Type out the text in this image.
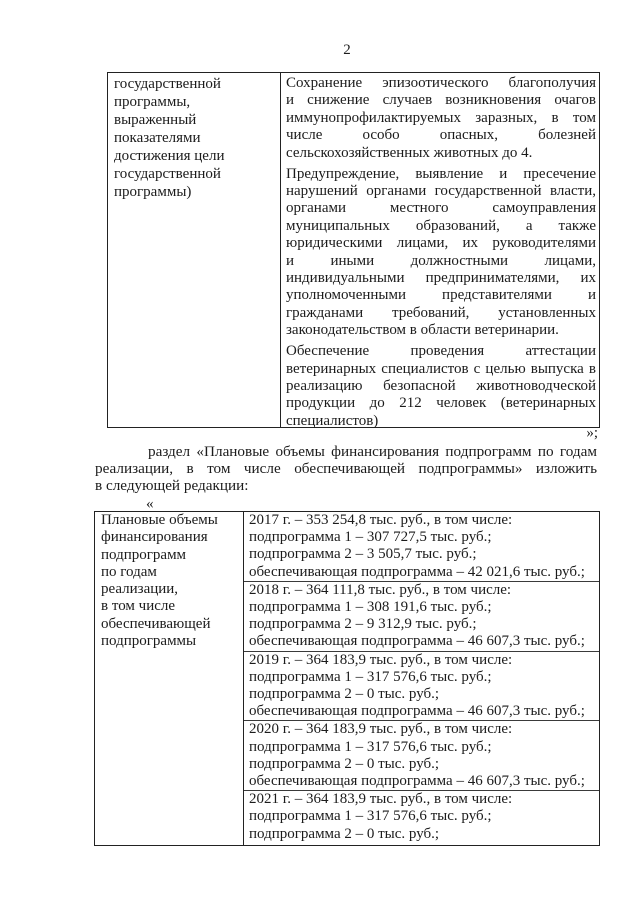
2
государственной
программы,
выраженный
показателями
достижения цели
государственной
программы)
Сохранение эпизоотического благополучия
и снижение случаев возникновения очагов
иммунопрофилактируемых заразных, в том
числе особо опасных, болезней
сельскохозяйственных животных до 4.
Предупреждение, выявление и пресечение
нарушений органами государственной власти,
органами местного самоуправления
муниципальных образований, а также
юридическими лицами, их руководителями
и иными должностными лицами,
индивидуальными предпринимателями, их
уполномоченными представителями и
гражданами требований, установленных
законодательством в области ветеринарии.
Обеспечение проведения аттестации
ветеринарных специалистов с целью выпуска в
реализацию безопасной животноводческой
продукции до 212 человек (ветеринарных
специалистов)
»;
раздел «Плановые объемы финансирования подпрограмм по годам
реализации, в том числе обеспечивающей подпрограммы» изложить
в следующей редакции:
«
Плановые объемы
финансирования
подпрограмм
по годам
реализации,
в том числе
обеспечивающей
подпрограммы
2017 г. – 353 254,8 тыс. руб., в том числе:
подпрограмма 1 – 307 727,5 тыс. руб.;
подпрограмма 2 – 3 505,7 тыс. руб.;
обеспечивающая подпрограмма – 42 021,6 тыс. руб.;
2018 г. – 364 111,8 тыс. руб., в том числе:
подпрограмма 1 – 308 191,6 тыс. руб.;
подпрограмма 2 – 9 312,9 тыс. руб.;
обеспечивающая подпрограмма – 46 607,3 тыс. руб.;
2019 г. – 364 183,9 тыс. руб., в том числе:
подпрограмма 1 – 317 576,6 тыс. руб.;
подпрограмма 2 – 0 тыс. руб.;
обеспечивающая подпрограмма – 46 607,3 тыс. руб.;
2020 г. – 364 183,9 тыс. руб., в том числе:
подпрограмма 1 – 317 576,6 тыс. руб.;
подпрограмма 2 – 0 тыс. руб.;
обеспечивающая подпрограмма – 46 607,3 тыс. руб.;
2021 г. – 364 183,9 тыс. руб., в том числе:
подпрограмма 1 – 317 576,6 тыс. руб.;
подпрограмма 2 – 0 тыс. руб.;
